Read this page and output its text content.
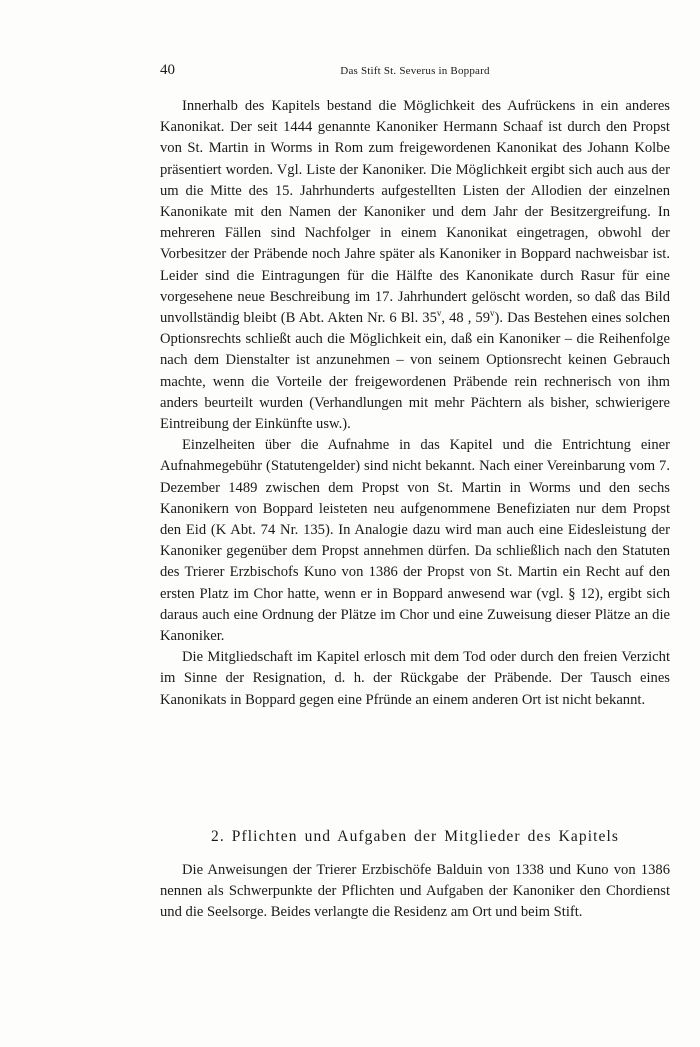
40	Das Stift St. Severus in Boppard

Innerhalb des Kapitels bestand die Möglichkeit des Aufrückens in ein anderes Kanonikat. Der seit 1444 genannte Kanoniker Hermann Schaaf ist durch den Propst von St. Martin in Worms in Rom zum freigewordenen Kanonikat des Johann Kolbe präsentiert worden. Vgl. Liste der Kanoniker. Die Möglichkeit ergibt sich auch aus der um die Mitte des 15. Jahrhunderts aufgestellten Listen der Allodien der einzelnen Kanonikate mit den Namen der Kanoniker und dem Jahr der Besitzergreifung. In mehreren Fällen sind Nachfolger in einem Kanonikat eingetragen, obwohl der Vorbesitzer der Präbende noch Jahre später als Kanoniker in Boppard nachweisbar ist. Leider sind die Eintragungen für die Hälfte des Kanonikate durch Rasur für eine vorgesehene neue Beschreibung im 17. Jahrhundert gelöscht worden, so daß das Bild unvollständig bleibt (B Abt. Akten Nr. 6 Bl. 35$^v$, 48 , 59$^v$). Das Bestehen eines solchen Optionsrechts schließt auch die Möglichkeit ein, daß ein Kanoniker – die Reihenfolge nach dem Dienstalter ist anzunehmen – von seinem Optionsrecht keinen Gebrauch machte, wenn die Vorteile der freigewordenen Präbende rein rechnerisch von ihm anders beurteilt wurden (Verhandlungen mit mehr Pächtern als bisher, schwierigere Eintreibung der Einkünfte usw.).

Einzelheiten über die Aufnahme in das Kapitel und die Entrichtung einer Aufnahmegebühr (Statutengelder) sind nicht bekannt. Nach einer Vereinbarung vom 7. Dezember 1489 zwischen dem Propst von St. Martin in Worms und den sechs Kanonikern von Boppard leisteten neu aufgenommene Benefiziaten nur dem Propst den Eid (K Abt. 74 Nr. 135). In Analogie dazu wird man auch eine Eidesleistung der Kanoniker gegenüber dem Propst annehmen dürfen. Da schließlich nach den Statuten des Trierer Erzbischofs Kuno von 1386 der Propst von St. Martin ein Recht auf den ersten Platz im Chor hatte, wenn er in Boppard anwesend war (vgl. § 12), ergibt sich daraus auch eine Ordnung der Plätze im Chor und eine Zuweisung dieser Plätze an die Kanoniker.

Die Mitgliedschaft im Kapitel erlosch mit dem Tod oder durch den freien Verzicht im Sinne der Resignation, d. h. der Rückgabe der Präbende. Der Tausch eines Kanonikats in Boppard gegen eine Pfründe an einem anderen Ort ist nicht bekannt.

2. Pflichten und Aufgaben der Mitglieder des Kapitels

Die Anweisungen der Trierer Erzbischöfe Balduin von 1338 und Kuno von 1386 nennen als Schwerpunkte der Pflichten und Aufgaben der Kanoniker den Chordienst und die Seelsorge. Beides verlangte die Residenz am Ort und beim Stift.
